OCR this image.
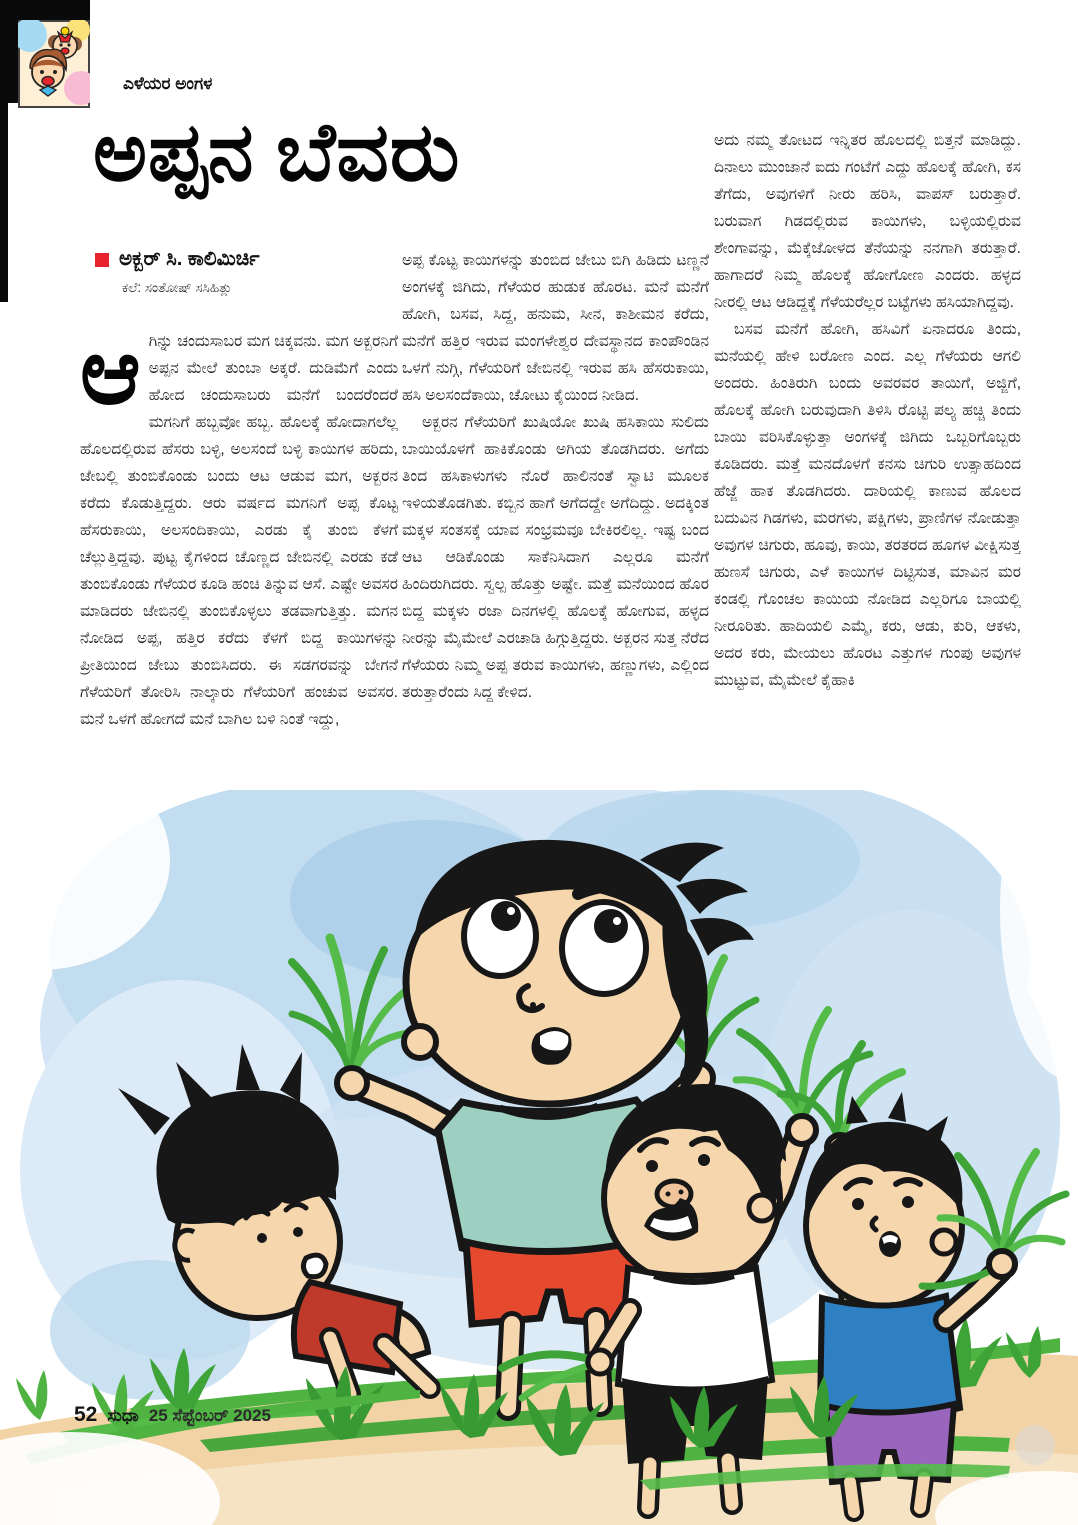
ಎಳೆಯರ ಅಂಗಳ
ಅಪ್ಪನ ಬೆವರು
ಅಕ್ಬರ್ ಸಿ. ಕಾಲಿಮಿರ್ಚಿ
ಕಲೆ: ಸಂತೋಷ್ ಸಸಿಹಿತ್ಲು

ಆಗಿನ್ನು ಚಂದುಸಾಬರ ಮಗ ಚಿಕ್ಕವನು. ಮಗ ಅಕ್ಬರನಿಗೆ ಅಪ್ಪನ ಮೇಲೆ ತುಂಬಾ ಅಕ್ಕರೆ. ದುಡಿಮೆಗೆ ಎಂದು ಹೋದ ಚಂದುಸಾಬರು ಮನೆಗೆ ಬಂದರೆಂದರೆ ಮಗನಿಗೆ ಹಬ್ಬವೋ ಹಬ್ಬ. ಹೊಲಕ್ಕೆ ಹೋದಾಗಲೆಲ್ಲ ಹೊಲದಲ್ಲಿರುವ ಹೆಸರು ಬಳ್ಳಿ, ಅಲಸಂದೆ ಬಳ್ಳಿ ಕಾಯಿಗಳ ಹರಿದು, ಜೇಬಲ್ಲಿ ತುಂಬಿಕೊಂಡು ಬಂದು ಆಟ ಆಡುವ ಮಗ, ಅಕ್ಬರನ ಕರೆದು ಕೊಡುತ್ತಿದ್ದರು. ಆರು ವರ್ಷದ ಮಗನಿಗೆ ಅಪ್ಪ ಕೊಟ್ಟ ಹೆಸರುಕಾಯಿ, ಅಲಸಂದಿಕಾಯಿ, ಎರಡು ಕೈ ತುಂಬಿ ಕೆಳಗೆ ಚೆಲ್ಲುತ್ತಿದ್ದವು. ಪುಟ್ಟ ಕೈಗಳಿಂದ ಚೊಣ್ಣದ ಜೇಬಿನಲ್ಲಿ ಎರಡು ಕಡೆ ತುಂಬಿಕೊಂಡು ಗೆಳೆಯರ ಕೂಡಿ ಹಂಚಿ ತಿನ್ನುವ ಆಸೆ. ಎಷ್ಟೇ ಅವಸರ ಮಾಡಿದರು ಜೇಬಿನಲ್ಲಿ ತುಂಬಿಕೊಳ್ಳಲು ತಡವಾಗುತ್ತಿತ್ತು. ಮಗನ ನೋಡಿದ ಅಪ್ಪ, ಹತ್ತಿರ ಕರೆದು ಕೆಳಗೆ ಬಿದ್ದ ಕಾಯಿಗಳನ್ನು ಪ್ರೀತಿಯಿಂದ ಜೇಬು ತುಂಬಿಸಿದರು. ಈ ಸಡಗರವನ್ನು ಬೇಗನೆ ಗೆಳೆಯರಿಗೆ ತೋರಿಸಿ ನಾಲ್ಕಾರು ಗೆಳೆಯರಿಗೆ ಹಂಚುವ ಅವಸರ. ಮನೆ ಒಳಗೆ ಹೋಗದೆ ಮನೆ ಬಾಗಿಲ ಬಳಿ ನಿಂತೆ ಇದ್ದು,

ಅಪ್ಪ ಕೊಟ್ಟ ಕಾಯಿಗಳನ್ನು ತುಂಬಿದ ಜೇಬು ಬಿಗಿ ಹಿಡಿದು ಟಣ್ಣನೆ ಅಂಗಳಕ್ಕೆ ಜಿಗಿದು, ಗೆಳೆಯರ ಹುಡುಕ ಹೊರಟ. ಮನೆ ಮನೆಗೆ ಹೋಗಿ, ಬಸವ, ಸಿದ್ದ, ಹನುಮ, ಸೀನ, ಕಾಶೀಮನ ಕರೆದು, ಮನೆಗೆ ಹತ್ತಿರ ಇರುವ ಮಂಗಳೇಶ್ವರ ದೇವಸ್ಥಾನದ ಕಾಂಪೌಂಡಿನ ಒಳಗೆ ನುಗ್ಗಿ, ಗೆಳೆಯರಿಗೆ ಜೇಬಿನಲ್ಲಿ ಇರುವ ಹಸಿ ಹೆಸರುಕಾಯಿ, ಹಸಿ ಅಲಸಂದೆಕಾಯಿ, ಚೋಟು ಕೈಯಿಂದ ನೀಡಿದ.

ಅಕ್ಬರನ ಗೆಳೆಯರಿಗೆ ಖುಷಿಯೋ ಖುಷಿ ಹಸಿಕಾಯಿ ಸುಲಿದು ಬಾಯಿಯೊಳಗೆ ಹಾಕಿಕೊಂಡು ಅಗಿಯ ತೊಡಗಿದರು. ಅಗೆದು ತಿಂದ ಹಸಿಕಾಳುಗಳು ನೊರೆ ಹಾಲಿನಂತೆ ಸ್ವಾಟಿ ಮೂಲಕ ಇಳಿಯತೊಡಗಿತು. ಕಬ್ಬಿನ ಹಾಗೆ ಅಗೆದದ್ದೇ ಅಗೆದಿದ್ದು. ಅದಕ್ಕಿಂತ ಮಕ್ಕಳ ಸಂತಸಕ್ಕೆ ಯಾವ ಸಂಭ್ರಮವೂ ಬೇಕಿರಲಿಲ್ಲ. ಇಷ್ಟ ಬಂದ ಆಟ ಆಡಿಕೊಂಡು ಸಾಕೆನಿಸಿದಾಗ ಎಲ್ಲರೂ ಮನೆಗೆ ಹಿಂದಿರುಗಿದರು. ಸ್ವಲ್ಪ ಹೊತ್ತು ಅಷ್ಟೇ. ಮತ್ತೆ ಮನೆಯಿಂದ ಹೊರ ಬಿದ್ದ ಮಕ್ಕಳು ರಜಾ ದಿನಗಳಲ್ಲಿ ಹೊಲಕ್ಕೆ ಹೋಗುವ, ಹಳ್ಳದ ನೀರನ್ನು ಮೈಮೇಲೆ ಎರಚಾಡಿ ಹಿಗ್ಗುತ್ತಿದ್ದರು. ಅಕ್ಬರನ ಸುತ್ತ ನೆರೆದ ಗೆಳೆಯರು ನಿಮ್ಮ ಅಪ್ಪ ತರುವ ಕಾಯಿಗಳು, ಹಣ್ಣುಗಳು, ಎಲ್ಲಿಂದ ತರುತ್ತಾರೆಂದು ಸಿದ್ದ ಕೇಳಿದ.

ಅದು ನಮ್ಮ ತೋಟದ ಇನ್ನಿತರ ಹೊಲದಲ್ಲಿ ಬಿತ್ತನೆ ಮಾಡಿದ್ದು. ದಿನಾಲು ಮುಂಜಾನೆ ಐದು ಗಂಟೆಗೆ ಎದ್ದು ಹೊಲಕ್ಕೆ ಹೋಗಿ, ಕಸ ತೆಗೆದು, ಅವುಗಳಿಗೆ ನೀರು ಹರಿಸಿ, ವಾಪಸ್ ಬರುತ್ತಾರೆ. ಬರುವಾಗ ಗಿಡದಲ್ಲಿರುವ ಕಾಯಿಗಳು, ಬಳ್ಳಿಯಲ್ಲಿರುವ ಶೇಂಗಾವನ್ನು, ಮೆಕ್ಕೆಜೋಳದ ತೆನೆಯನ್ನು ನನಗಾಗಿ ತರುತ್ತಾರೆ. ಹಾಗಾದರೆ ನಿಮ್ಮ ಹೊಲಕ್ಕೆ ಹೋಗೋಣ ಎಂದರು. ಹಳ್ಳದ ನೀರಲ್ಲಿ ಆಟ ಆಡಿದ್ದಕ್ಕೆ ಗೆಳೆಯರೆಲ್ಲರ ಬಟ್ಟೆಗಳು ಹಸಿಯಾಗಿದ್ದವು.

ಬಸವ ಮನೆಗೆ ಹೋಗಿ, ಹಸಿವಿಗೆ ಏನಾದರೂ ತಿಂದು, ಮನೆಯಲ್ಲಿ ಹೇಳಿ ಬರೋಣ ಎಂದ. ಎಲ್ಲ ಗೆಳೆಯರು ಆಗಲಿ ಅಂದರು. ಹಿಂತಿರುಗಿ ಬಂದು ಅವರವರ ತಾಯಿಗೆ, ಅಜ್ಜಿಗೆ, ಹೊಲಕ್ಕೆ ಹೋಗಿ ಬರುವುದಾಗಿ ತಿಳಿಸಿ ರೊಟ್ಟಿ ಪಲ್ಯ ಹಚ್ಚಿ ತಿಂದು ಬಾಯಿ ವರಿಸಿಕೊಳ್ಳುತ್ತಾ ಅಂಗಳಕ್ಕೆ ಜಿಗಿದು ಒಬ್ಬರಿಗೊಬ್ಬರು ಕೂಡಿದರು. ಮತ್ತೆ ಮನದೊಳಗೆ ಕನಸು ಚಿಗುರಿ ಉತ್ಸಾಹದಿಂದ ಹೆಜ್ಜೆ ಹಾಕ ತೊಡಗಿದರು. ದಾರಿಯಲ್ಲಿ ಕಾಣುವ ಹೊಲದ ಬದುವಿನ ಗಿಡಗಳು, ಮರಗಳು, ಪಕ್ಷಿಗಳು, ಪ್ರಾಣಿಗಳ ನೋಡುತ್ತಾ ಅವುಗಳ ಚಿಗುರು, ಹೂವು, ಕಾಯಿ, ತರತರದ ಹೂಗಳ ವೀಕ್ಷಿಸುತ್ತ ಹುಣಸೆ ಚಿಗುರು, ಎಳೆ ಕಾಯಿಗಳ ದಿಟ್ಟಿಸುತ, ಮಾವಿನ ಮರ ಕಂಡಲ್ಲಿ ಗೊಂಚಲ ಕಾಯಿಯ ನೋಡಿದ ಎಲ್ಲರಿಗೂ ಬಾಯಲ್ಲಿ ನೀರೂರಿತು. ಹಾದಿಯಲಿ ಎಮ್ಮೆ, ಕರು, ಆಡು, ಕುರಿ, ಆಕಳು, ಅದರ ಕರು, ಮೇಯಲು ಹೊರಟ ಎತ್ತುಗಳ ಗುಂಪು ಅವುಗಳ ಮುಟ್ಟುವ, ಮೈಮೇಲೆ ಕೈಹಾಕಿ

52 ಸುಧಾ 25 ಸೆಪ್ಟೆಂಬರ್ 2025
